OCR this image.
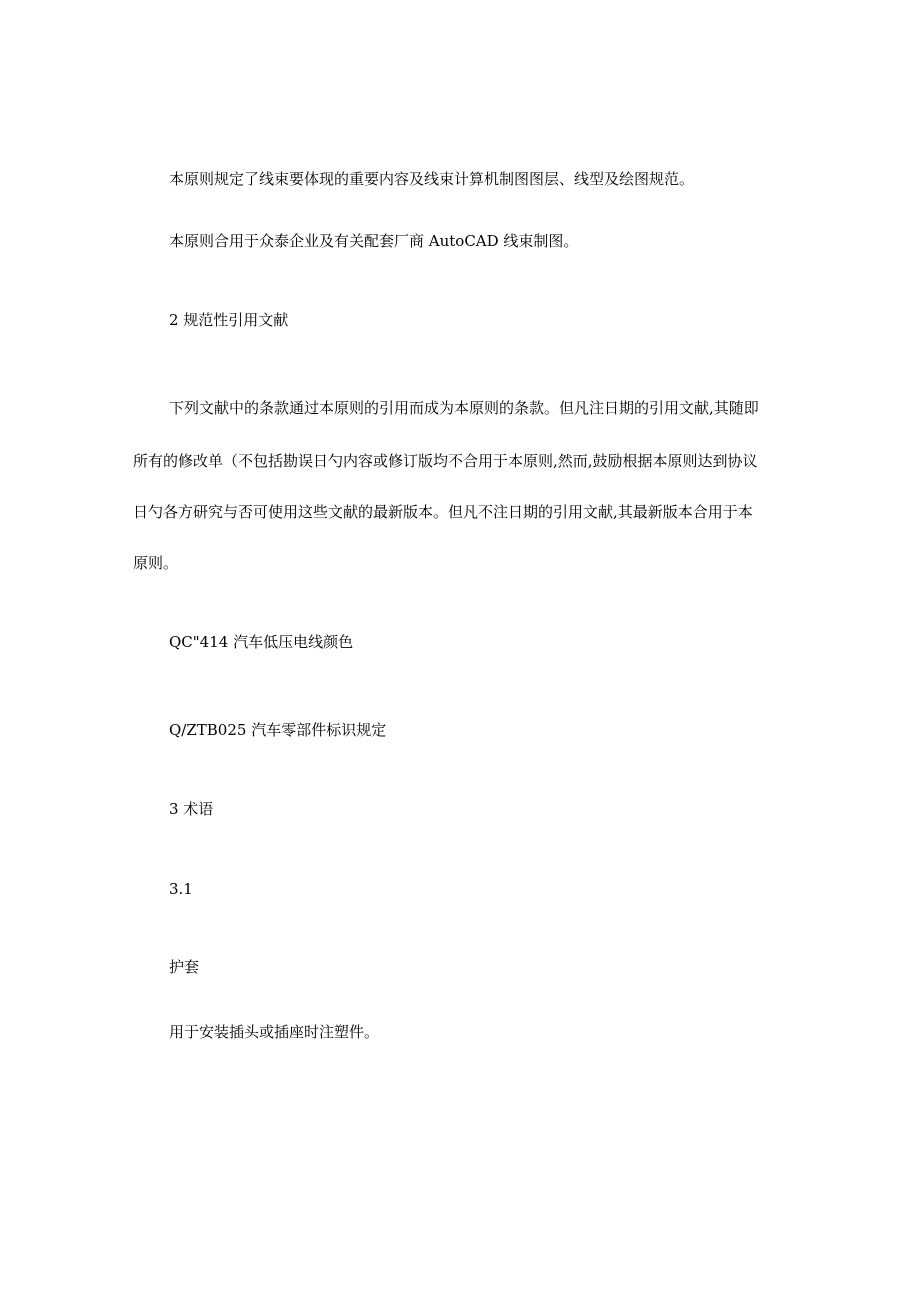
本原则规定了线束要体现的重要内容及线束计算机制图图层、线型及绘图规范。
本原则合用于众泰企业及有关配套厂商 AutoCAD 线束制图。
2 规范性引用文献
下列文献中的条款通过本原则的引用而成为本原则的条款。但凡注日期的引用文献,其随即
所有的修改单（不包括勘误日勺内容或修订版均不合用于本原则,然而,鼓励根据本原则达到协议
日勺各方研究与否可使用这些文献的最新版本。但凡不注日期的引用文献,其最新版本合用于本
原则。
QC"414 汽车低压电线颜色
Q/ZTB025 汽车零部件标识规定
3 术语
3.1
护套
用于安装插头或插座时注塑件。
